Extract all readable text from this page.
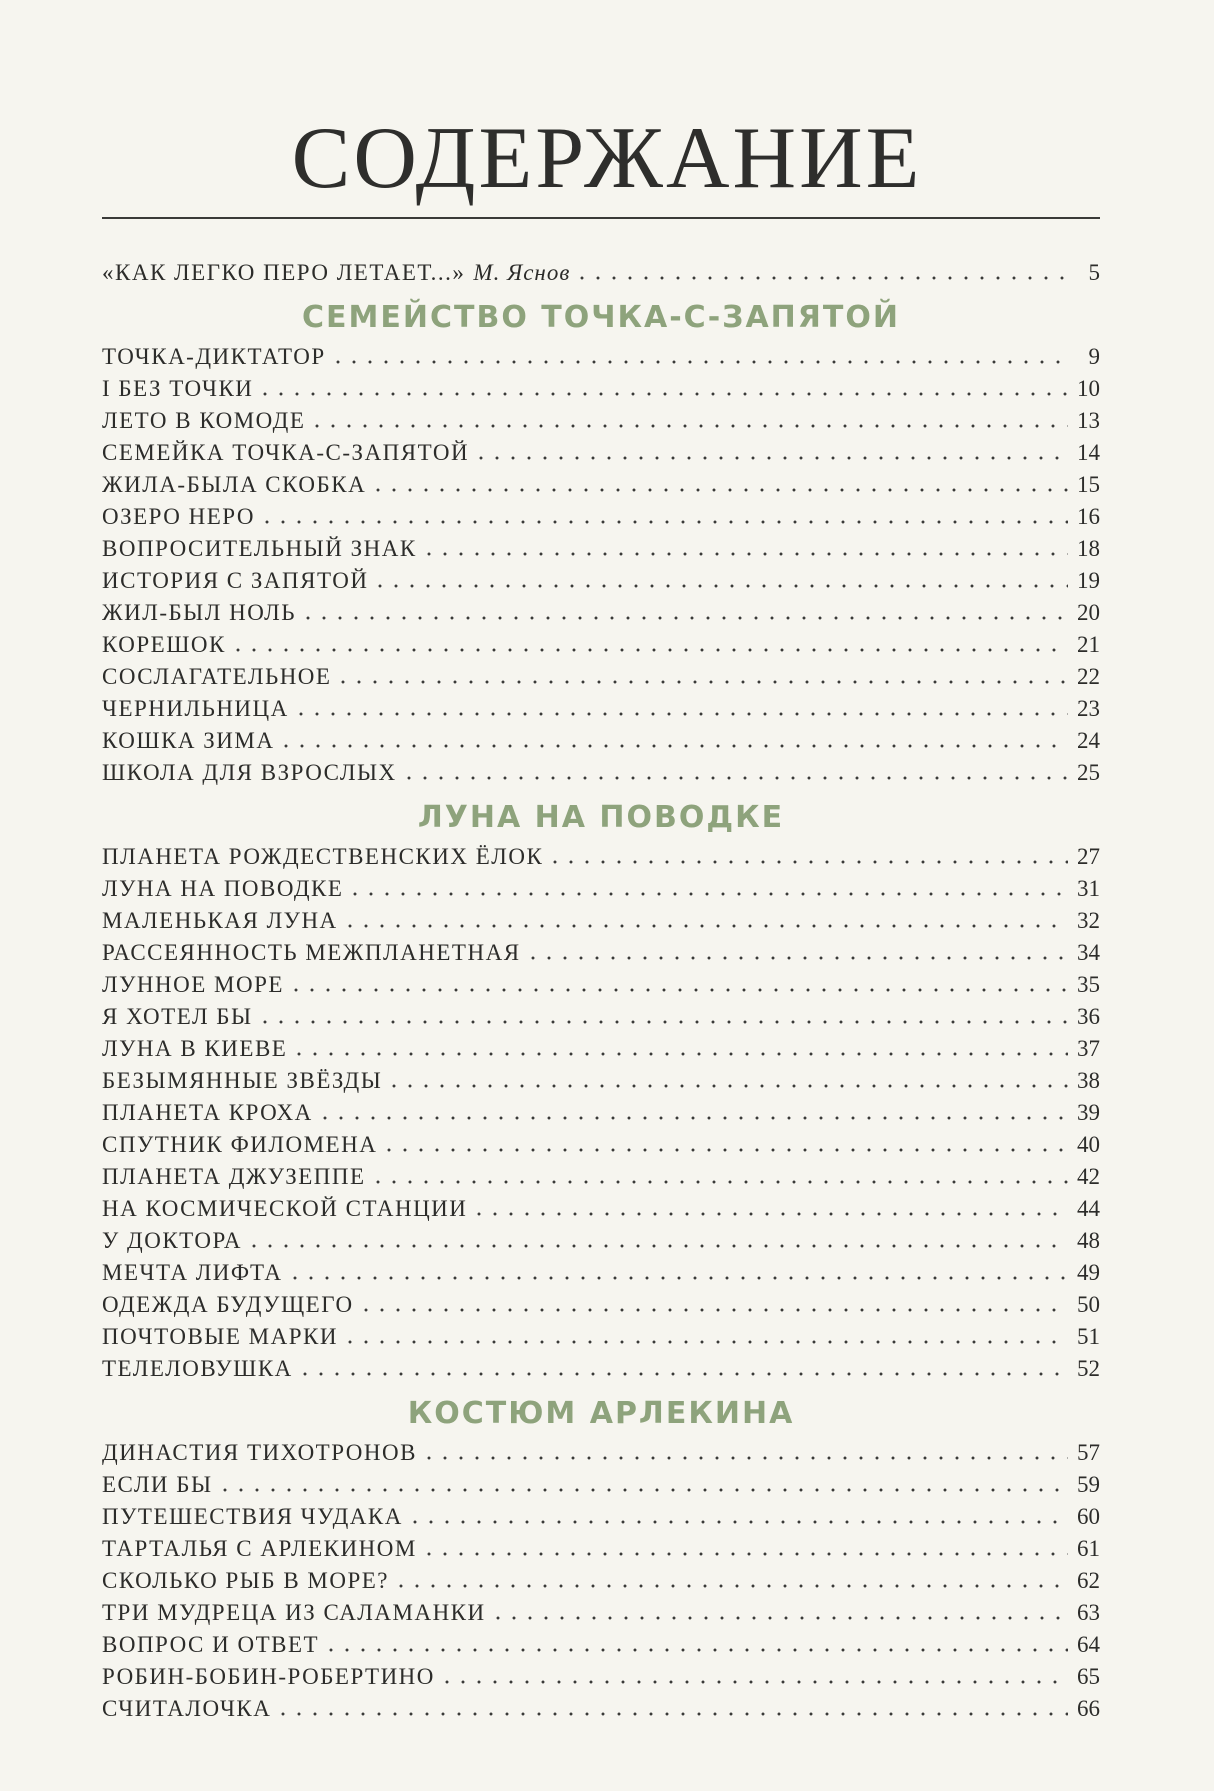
СОДЕРЖАНИЕ
«КАК ЛЕГКО ПЕРО ЛЕТАЕТ...» М. Яснов	5
СЕМЕЙСТВО ТОЧКА-С-ЗАПЯТОЙ
ТОЧКА-ДИКТАТОР	9
I БЕЗ ТОЧКИ	10
ЛЕТО В КОМОДЕ	13
СЕМЕЙКА ТОЧКА-С-ЗАПЯТОЙ	14
ЖИЛА-БЫЛА СКОБКА	15
ОЗЕРО НЕРО	16
ВОПРОСИТЕЛЬНЫЙ ЗНАК	18
ИСТОРИЯ С ЗАПЯТОЙ	19
ЖИЛ-БЫЛ НОЛЬ	20
КОРЕШОК	21
СОСЛАГАТЕЛЬНОЕ	22
ЧЕРНИЛЬНИЦА	23
КОШКА ЗИМА	24
ШКОЛА ДЛЯ ВЗРОСЛЫХ	25
ЛУНА НА ПОВОДКЕ
ПЛАНЕТА РОЖДЕСТВЕНСКИХ ЁЛОК	27
ЛУНА НА ПОВОДКЕ	31
МАЛЕНЬКАЯ ЛУНА	32
РАССЕЯННОСТЬ МЕЖПЛАНЕТНАЯ	34
ЛУННОЕ МОРЕ	35
Я ХОТЕЛ БЫ	36
ЛУНА В КИЕВЕ	37
БЕЗЫМЯННЫЕ ЗВЁЗДЫ	38
ПЛАНЕТА КРОХА	39
СПУТНИК ФИЛОМЕНА	40
ПЛАНЕТА ДЖУЗЕППЕ	42
НА КОСМИЧЕСКОЙ СТАНЦИИ	44
У ДОКТОРА	48
МЕЧТА ЛИФТА	49
ОДЕЖДА БУДУЩЕГО	50
ПОЧТОВЫЕ МАРКИ	51
ТЕЛЕЛОВУШКА	52
КОСТЮМ АРЛЕКИНА
ДИНАСТИЯ ТИХОТРОНОВ	57
ЕСЛИ БЫ	59
ПУТЕШЕСТВИЯ ЧУДАКА	60
ТАРТАЛЬЯ С АРЛЕКИНОМ	61
СКОЛЬКО РЫБ В МОРЕ?	62
ТРИ МУДРЕЦА ИЗ САЛАМАНКИ	63
ВОПРОС И ОТВЕТ	64
РОБИН-БОБИН-РОБЕРТИНО	65
СЧИТАЛОЧКА	66
